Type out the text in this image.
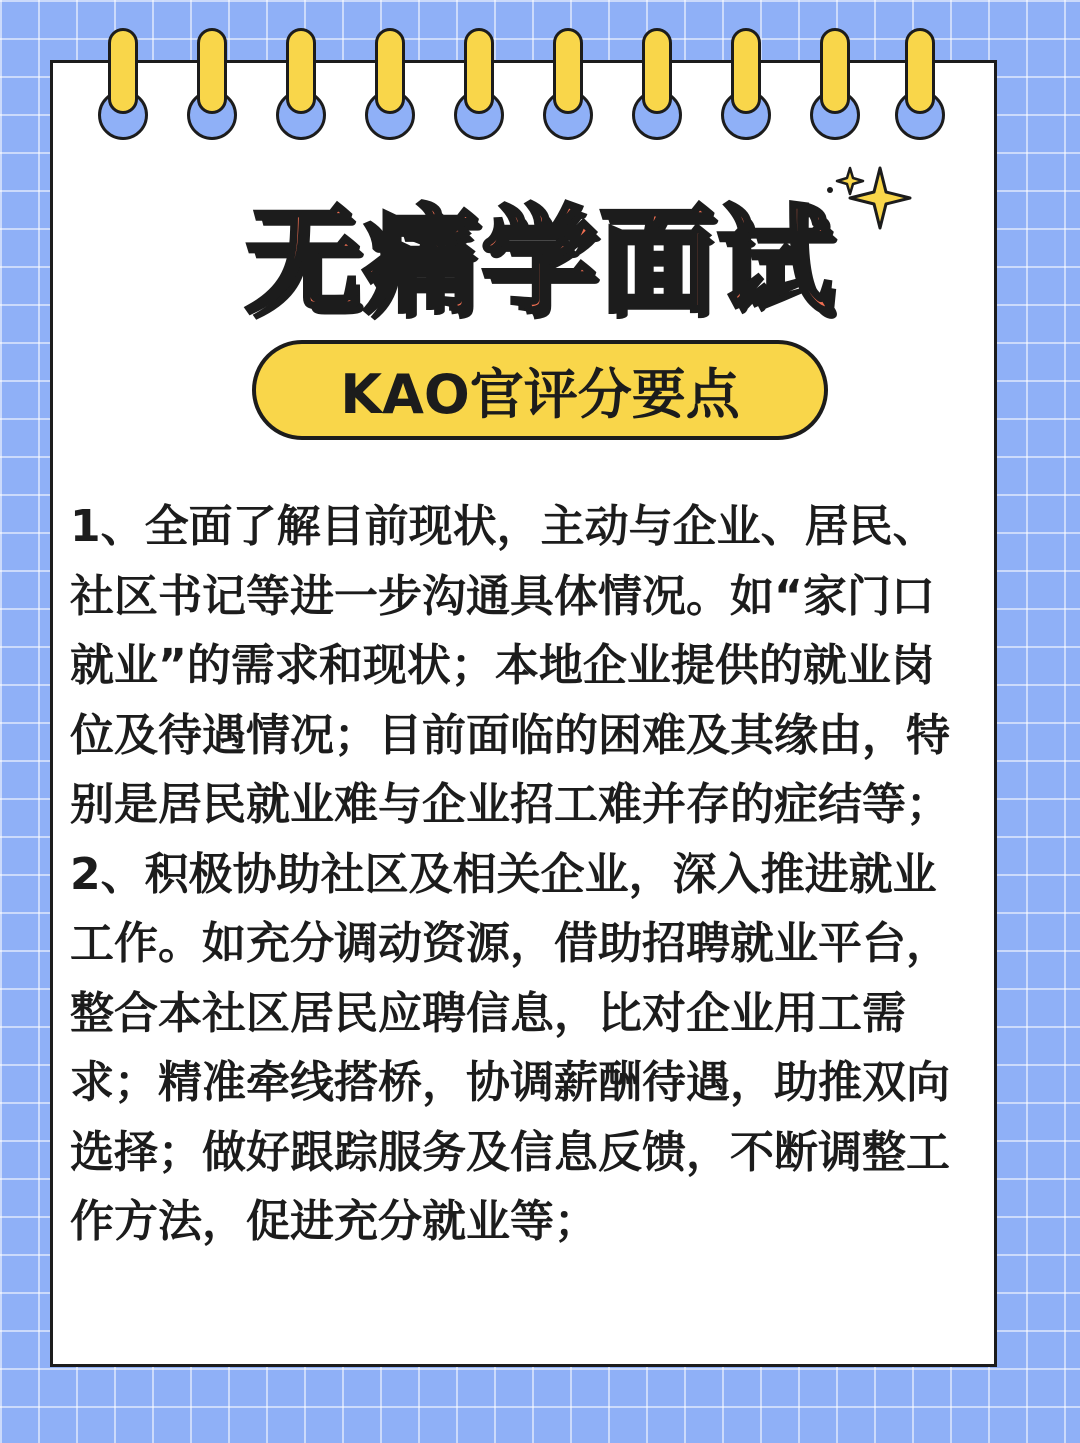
无痛学面试
KAO官评分要点

1、全面了解目前现状，主动与企业、居民、社区书记等进一步沟通具体情况。如“家门口就业”的需求和现状；本地企业提供的就业岗位及待遇情况；目前面临的困难及其缘由，特别是居民就业难与企业招工难并存的症结等；

2、积极协助社区及相关企业，深入推进就业工作。如充分调动资源，借助招聘就业平台，整合本社区居民应聘信息，比对企业用工需求；精准牵线搭桥，协调薪酬待遇，助推双向选择；做好跟踪服务及信息反馈，不断调整工作方法，促进充分就业等；
